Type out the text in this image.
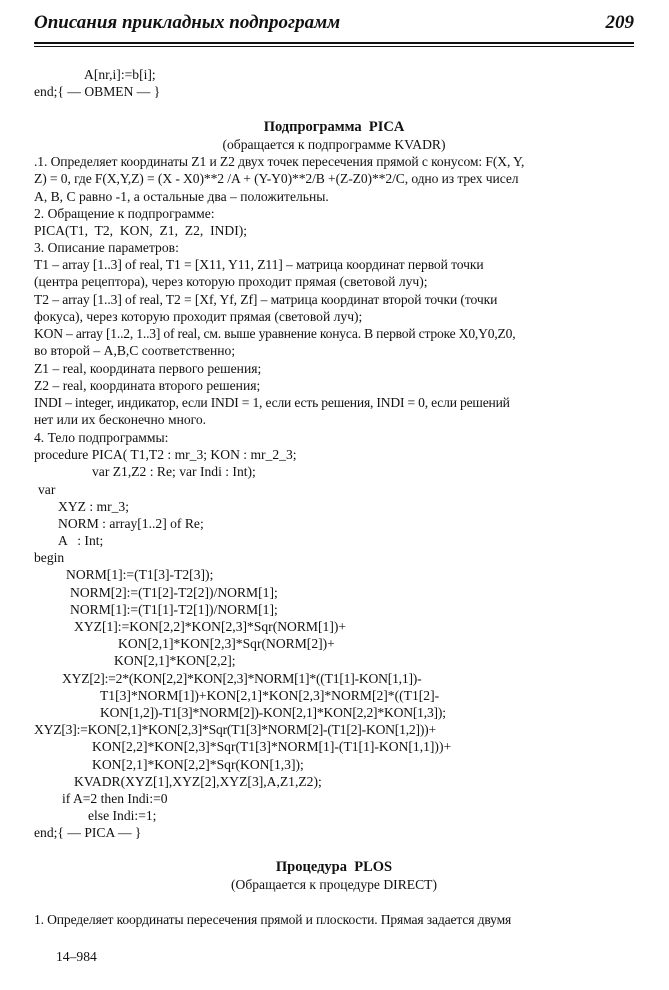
Описания прикладных подпрограмм	209
A[nr,i]:=b[i];
end;{ — OBMEN — }
Подпрограмма  PICA
(обращается к подпрограмме KVADR)
.1. Определяет координаты Z1 и Z2 двух точек пересечения прямой с конусом: F(X, Y,
Z) = 0, где F(X,Y,Z) = (X - X0)**2 /A + (Y-Y0)**2/B +(Z-Z0)**2/C, одно из трех чисел
A, B, C равно -1, а остальные два – положительны.
2. Обращение к подпрограмме:
PICA(T1,  T2,  KON,  Z1,  Z2,  INDI);
3. Описание параметров:
T1 – array [1..3] of real, T1 = [X11, Y11, Z11] – матрица координат первой точки
(центра рецептора), через которую проходит прямая (световой луч);
T2 – array [1..3] of real, T2 = [Xf, Yf, Zf] – матрица координат второй точки (точки
фокуса), через которую проходит прямая (световой луч);
KON – array [1..2, 1..3] of real, см. выше уравнение конуса. В первой строке X0,Y0,Z0,
во второй – A,B,C соответственно;
Z1 – real, координата первого решения;
Z2 – real, координата второго решения;
INDI – integer, индикатор, если INDI = 1, если есть решения, INDI = 0, если решений
нет или их бесконечно много.
4. Тело подпрограммы:
procedure PICA( T1,T2 : mr_3; KON : mr_2_3;
var Z1,Z2 : Re; var Indi : Int);
var
XYZ : mr_3;
NORM : array[1..2] of Re;
A   : Int;
begin
NORM[1]:=(T1[3]-T2[3]);
NORM[2]:=(T1[2]-T2[2])/NORM[1];
NORM[1]:=(T1[1]-T2[1])/NORM[1];
XYZ[1]:=KON[2,2]*KON[2,3]*Sqr(NORM[1])+
KON[2,1]*KON[2,3]*Sqr(NORM[2])+
KON[2,1]*KON[2,2];
XYZ[2]:=2*(KON[2,2]*KON[2,3]*NORM[1]*((T1[1]-KON[1,1])-
T1[3]*NORM[1])+KON[2,1]*KON[2,3]*NORM[2]*((T1[2]-
KON[1,2])-T1[3]*NORM[2])-KON[2,1]*KON[2,2]*KON[1,3]);
XYZ[3]:=KON[2,1]*KON[2,3]*Sqr(T1[3]*NORM[2]-(T1[2]-KON[1,2]))+
KON[2,2]*KON[2,3]*Sqr(T1[3]*NORM[1]-(T1[1]-KON[1,1]))+
KON[2,1]*KON[2,2]*Sqr(KON[1,3]);
KVADR(XYZ[1],XYZ[2],XYZ[3],A,Z1,Z2);
if A=2 then Indi:=0
else Indi:=1;
end;{ — PICA — }
Процедура  PLOS
(Обращается к процедуре DIRECT)
1. Определяет координаты пересечения прямой и плоскости. Прямая задается двумя
14–984
